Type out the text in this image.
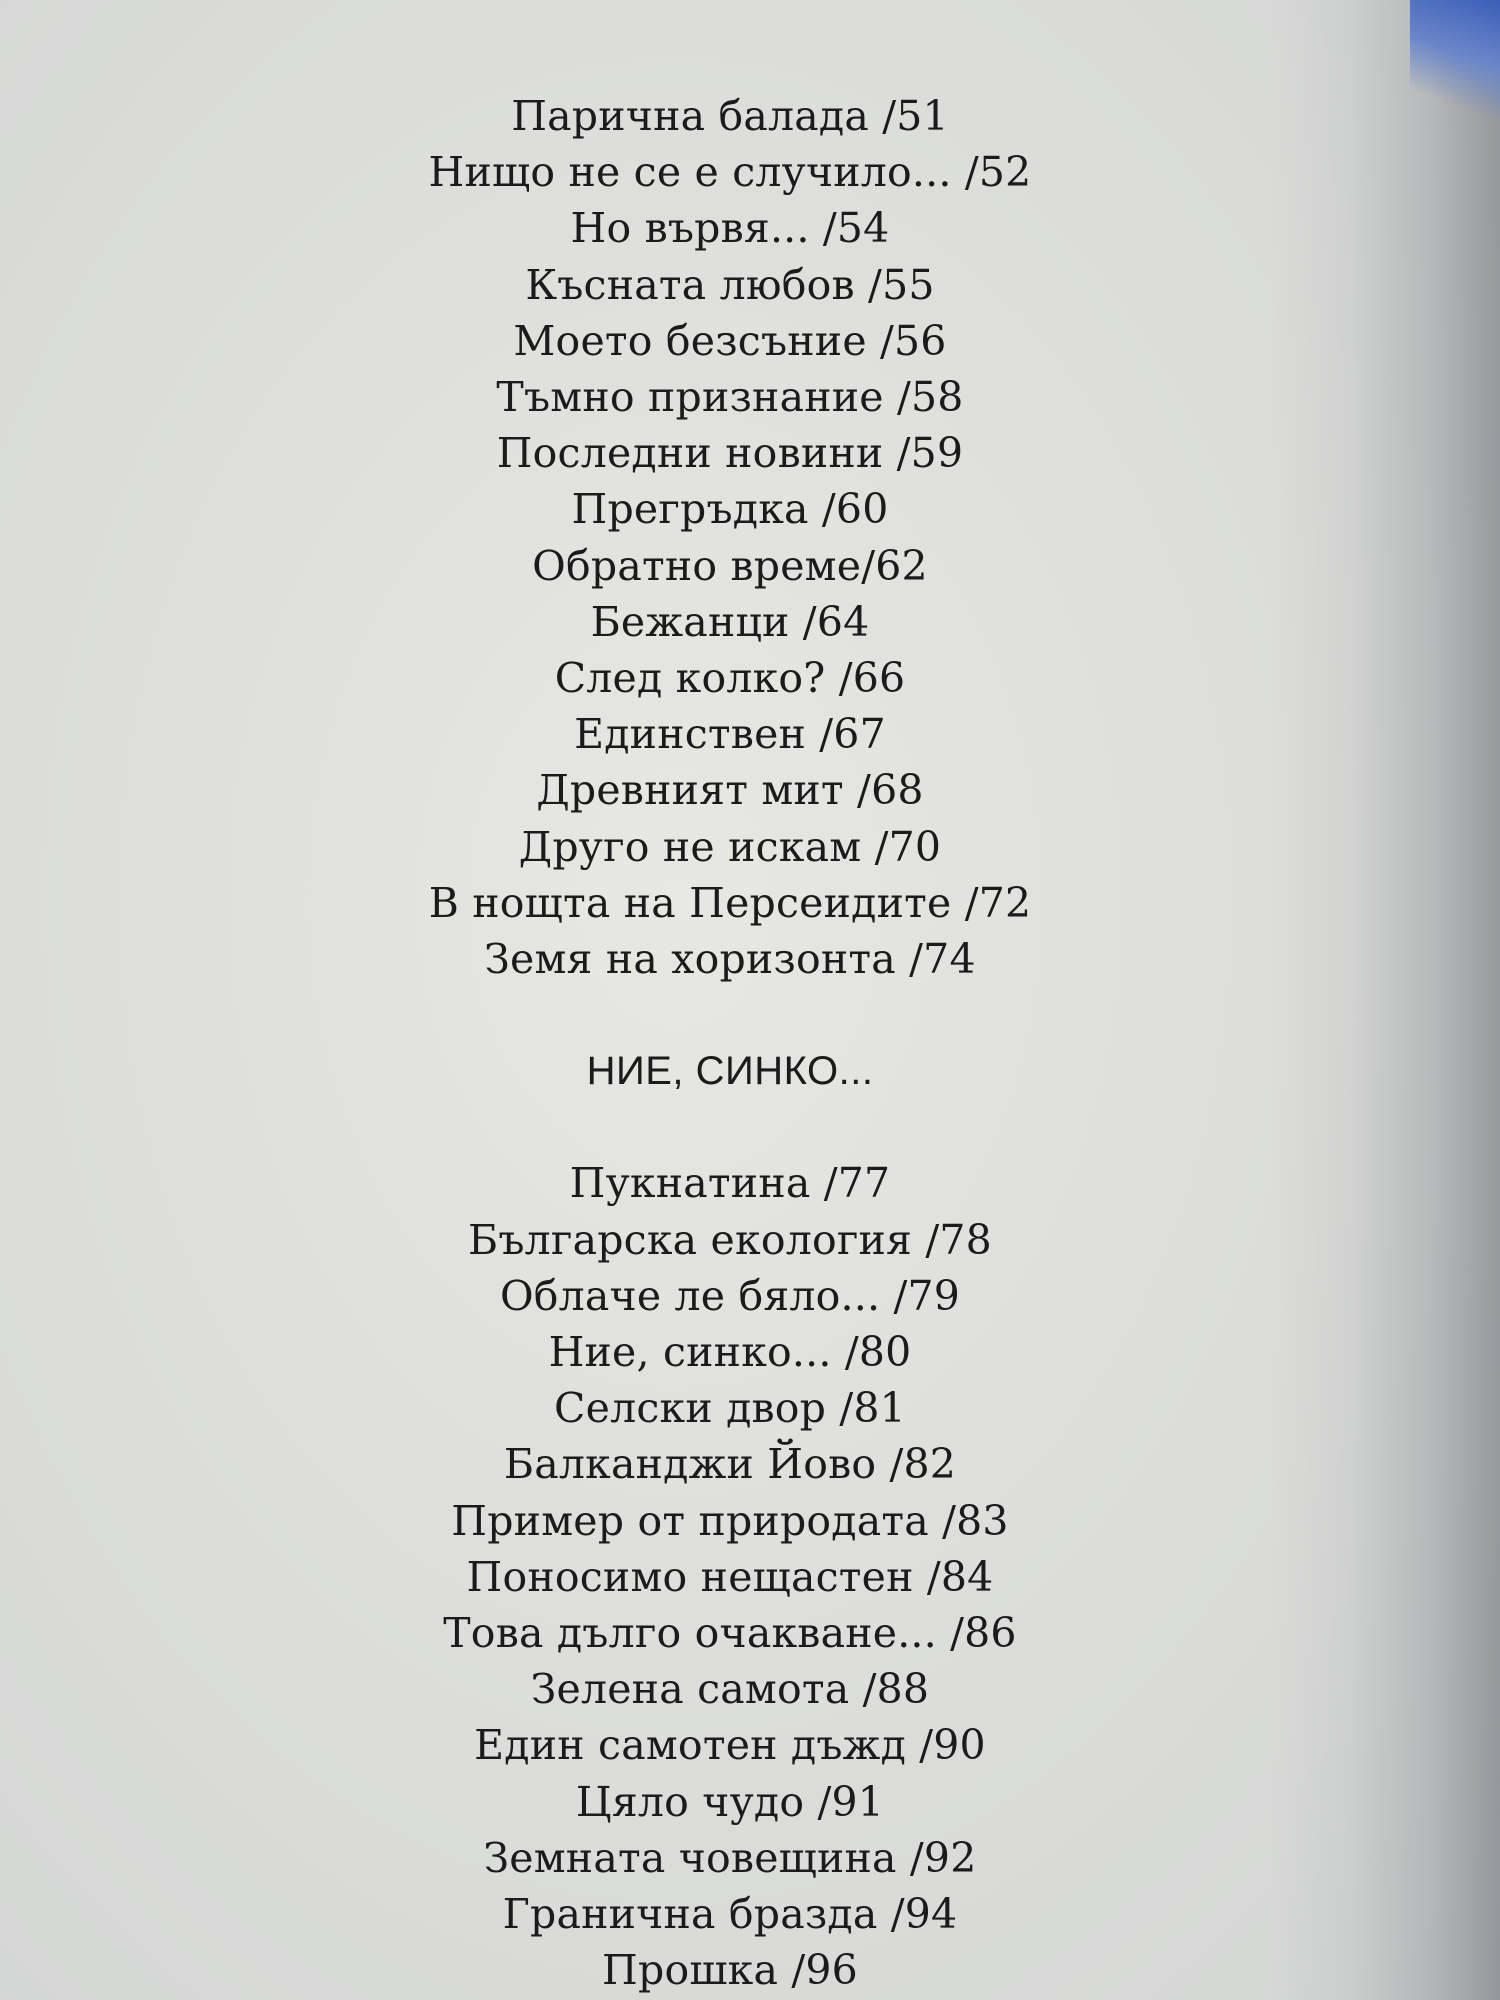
Парична балада /51
Нищо не се е случило... /52
Но вървя... /54
Късната любов /55
Моето безсъние /56
Тъмно признание /58
Последни новини /59
Прегръдка /60
Обратно време/62
Бежанци /64
След колко? /66
Единствен /67
Древният мит /68
Друго не искам /70
В нощта на Персеидите /72
Земя на хоризонта /74
НИЕ, СИНКО...
Пукнатина /77
Българска екология /78
Облаче ле бяло... /79
Ние, синко... /80
Селски двор /81
Балканджи Йово /82
Пример от природата /83
Поносимо нещастен /84
Това дълго очакване... /86
Зелена самота /88
Един самотен дъжд /90
Цяло чудо /91
Земната човещина /92
Гранична бразда /94
Прошка /96
